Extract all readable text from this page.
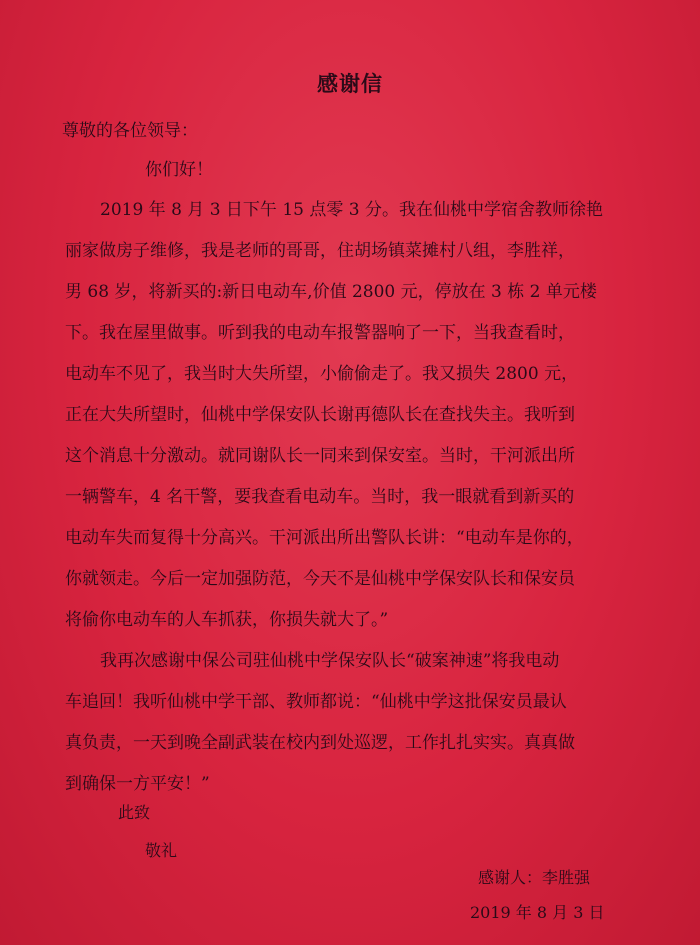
感谢信
尊敬的各位领导：
你们好！
2019 年 8 月 3 日下午 15 点零 3 分。我在仙桃中学宿舍教师徐艳
丽家做房子维修，我是老师的哥哥，住胡场镇菜摊村八组，李胜祥，
男 68 岁，将新买的:新日电动车,价值 2800 元，停放在 3 栋 2 单元楼
下。我在屋里做事。听到我的电动车报警器响了一下，当我查看时，
电动车不见了，我当时大失所望，小偷偷走了。我又损失 2800 元，
正在大失所望时，仙桃中学保安队长谢再德队长在查找失主。我听到
这个消息十分激动。就同谢队长一同来到保安室。当时，干河派出所
一辆警车，4 名干警，要我查看电动车。当时，我一眼就看到新买的
电动车失而复得十分高兴。干河派出所出警队长讲：“电动车是你的，
你就领走。今后一定加强防范，今天不是仙桃中学保安队长和保安员
将偷你电动车的人车抓获，你损失就大了。”
我再次感谢中保公司驻仙桃中学保安队长“破案神速”将我电动
车追回！我听仙桃中学干部、教师都说：“仙桃中学这批保安员最认
真负责，一天到晚全副武装在校内到处巡逻，工作扎扎实实。真真做
到确保一方平安！”
此致
敬礼
感谢人：李胜强
2019 年 8 月 3 日
